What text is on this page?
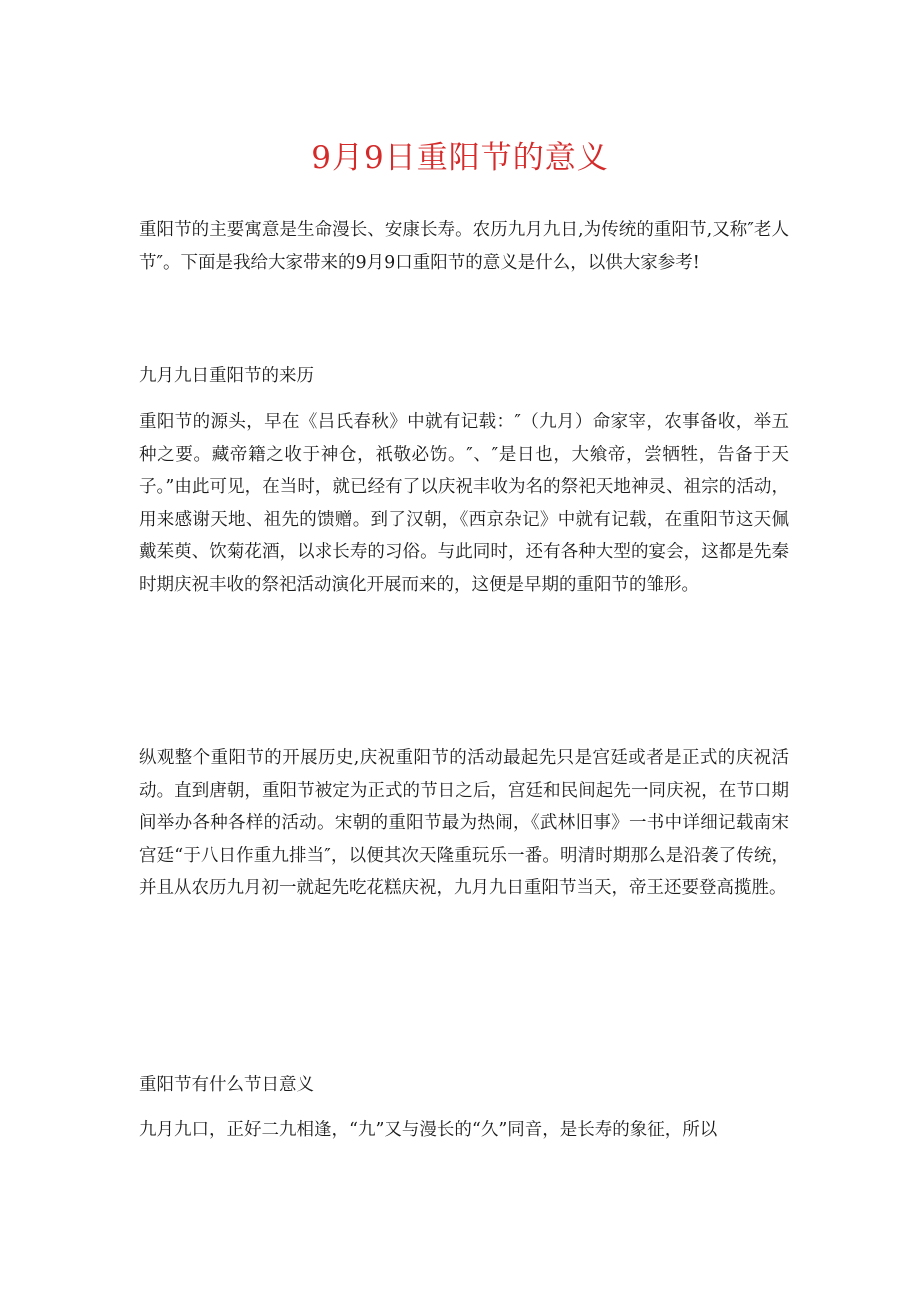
9月9日重阳节的意义

重阳节的主要寓意是生命漫长、安康长寿。农历九月九日,为传统的重阳节,又称″老人节″。下面是我给大家带来的9月9口重阳节的意义是什么，以供大家参考!

九月九日重阳节的来历

重阳节的源头，早在《吕氏春秋》中就有记载：″（九月）命家宰，农事备收，举五种之要。藏帝籍之收于神仓，祇敬必饬。″、″是日也，大飨帝，尝牺牲，告备于天子。”由此可见，在当时，就已经有了以庆祝丰收为名的祭祀天地神灵、祖宗的活动，用来感谢天地、祖先的馈赠。到了汉朝，《西京杂记》中就有记载，在重阳节这天佩戴茱萸、饮菊花酒，以求长寿的习俗。与此同时，还有各种大型的宴会，这都是先秦时期庆祝丰收的祭祀活动演化开展而来的，这便是早期的重阳节的雏形。

纵观整个重阳节的开展历史,庆祝重阳节的活动最起先只是宫廷或者是正式的庆祝活动。直到唐朝，重阳节被定为正式的节日之后，宫廷和民间起先一同庆祝，在节口期间举办各种各样的活动。宋朝的重阳节最为热闹，《武林旧事》一书中详细记载南宋宫廷“于八日作重九排当″，以便其次天隆重玩乐一番。明清时期那么是沿袭了传统，并且从农历九月初一就起先吃花糕庆祝，九月九日重阳节当天，帝王还要登高揽胜。

重阳节有什么节日意义

九月九口，正好二九相逢，“九”又与漫长的“久”同音，是长寿的象征，所以
